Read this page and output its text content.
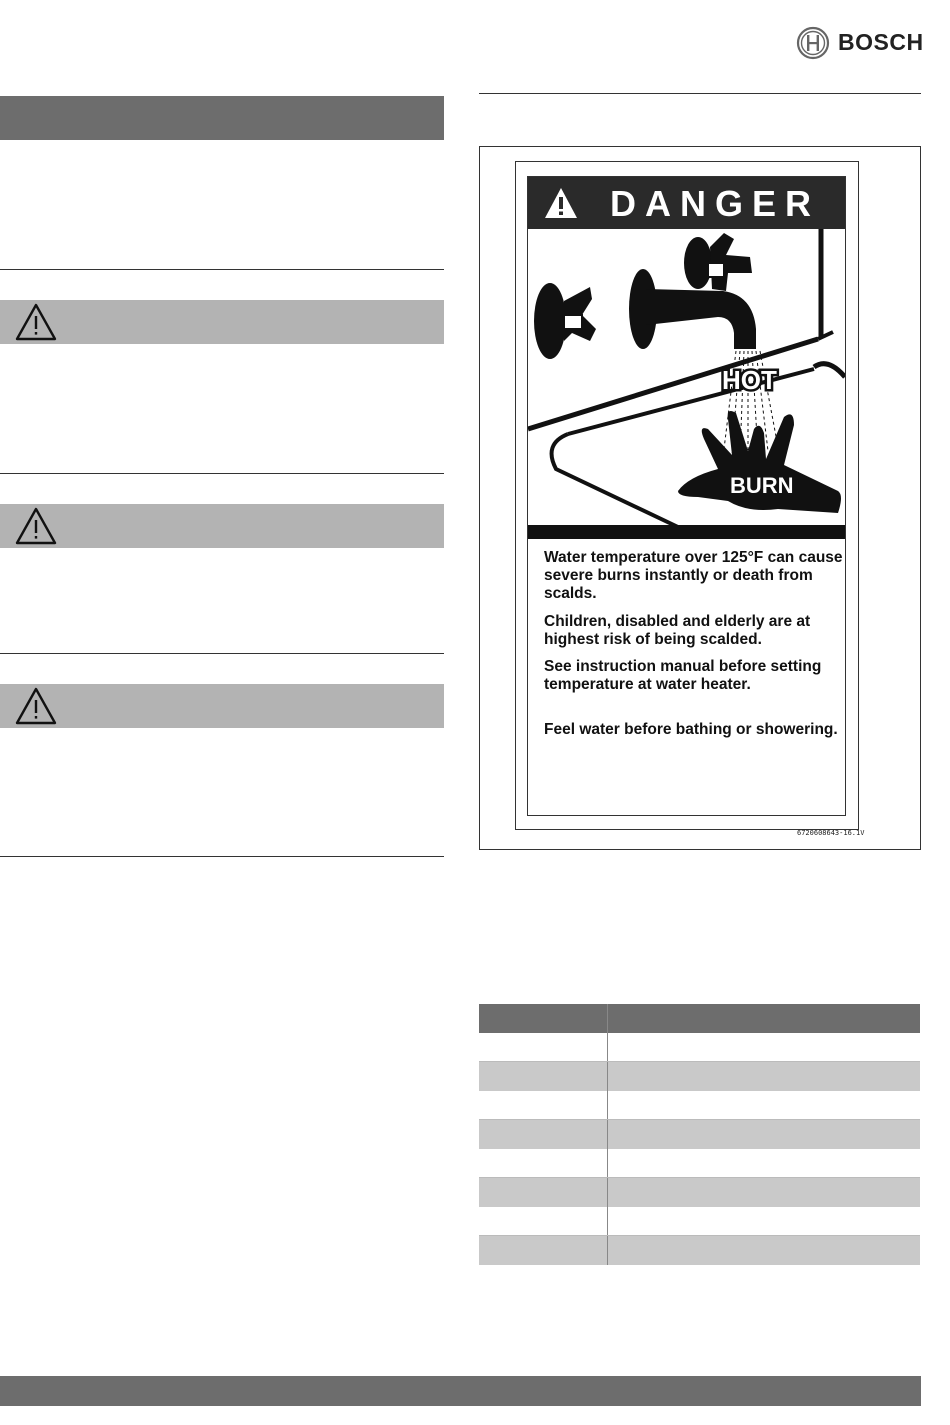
BOSCH
DANGER
HOT
BURN
Water temperature over 125°F can cause severe burns instantly or death from scalds.
Children, disabled and elderly are at highest risk of being scalded.
See instruction manual before setting temperature at water heater.
Feel water before bathing or showering.
6720608643-16.1V
